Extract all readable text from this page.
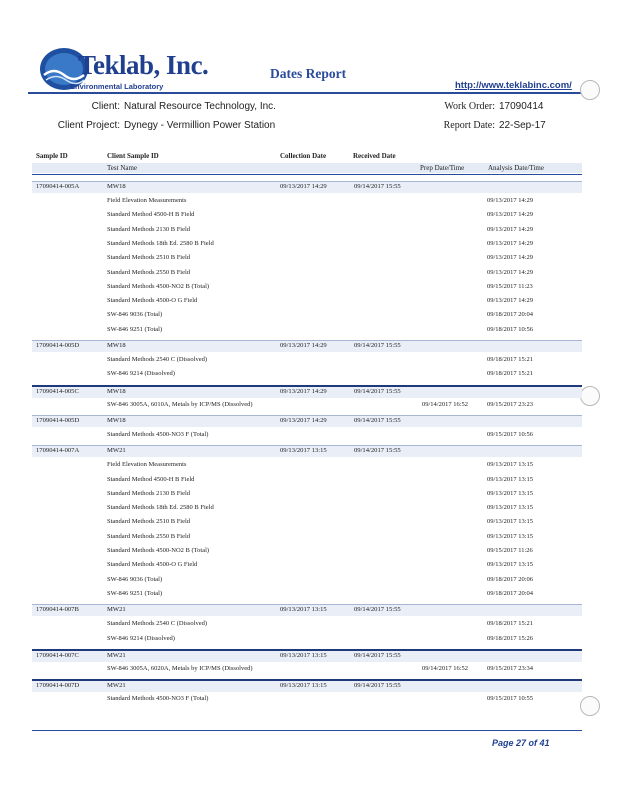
Teklab, Inc.
Environmental Laboratory
Dates Report
http://www.teklabinc.com/
Client: Natural Resource Technology, Inc.
Client Project: Dynegy - Vermillion Power Station
Work Order: 17090414
Report Date: 22-Sep-17
Sample ID	Client Sample ID	Collection Date	Received Date
Test Name	Prep Date/Time	Analysis Date/Time
17090414-005A	MW18	09/13/2017 14:29	09/14/2017 15:55
Field Elevation Measurements	09/13/2017 14:29
Standard Method 4500-H B Field	09/13/2017 14:29
Standard Methods 2130 B Field	09/13/2017 14:29
Standard Methods 18th Ed. 2580 B Field	09/13/2017 14:29
Standard Methods 2510 B Field	09/13/2017 14:29
Standard Methods 2550 B Field	09/13/2017 14:29
Standard Methods 4500-NO2 B (Total)	09/15/2017 11:23
Standard Methods 4500-O G Field	09/13/2017 14:29
SW-846 9036 (Total)	09/18/2017 20:04
SW-846 9251 (Total)	09/18/2017 10:56
17090414-005D	MW18	09/13/2017 14:29	09/14/2017 15:55
Standard Methods 2540 C (Dissolved)	09/18/2017 15:21
SW-846 9214 (Dissolved)	09/18/2017 15:21
17090414-005C	MW18	09/13/2017 14:29	09/14/2017 15:55
SW-846 3005A, 6010A, Metals by ICP/MS (Dissolved)	09/14/2017 16:52	09/15/2017 23:23
17090414-005D	MW18	09/13/2017 14:29	09/14/2017 15:55
Standard Methods 4500-NO3 F (Total)	09/15/2017 10:56
17090414-007A	MW21	09/13/2017 13:15	09/14/2017 15:55
Field Elevation Measurements	09/13/2017 13:15
Standard Method 4500-H B Field	09/13/2017 13:15
Standard Methods 2130 B Field	09/13/2017 13:15
Standard Methods 18th Ed. 2580 B Field	09/13/2017 13:15
Standard Methods 2510 B Field	09/13/2017 13:15
Standard Methods 2550 B Field	09/13/2017 13:15
Standard Methods 4500-NO2 B (Total)	09/15/2017 11:26
Standard Methods 4500-O G Field	09/13/2017 13:15
SW-846 9036 (Total)	09/18/2017 20:06
SW-846 9251 (Total)	09/18/2017 20:04
17090414-007B	MW21	09/13/2017 13:15	09/14/2017 15:55
Standard Methods 2540 C (Dissolved)	09/18/2017 15:21
SW-846 9214 (Dissolved)	09/18/2017 15:26
17090414-007C	MW21	09/13/2017 13:15	09/14/2017 15:55
SW-846 3005A, 6020A, Metals by ICP/MS (Dissolved)	09/14/2017 16:52	09/15/2017 23:34
17090414-007D	MW21	09/13/2017 13:15	09/14/2017 15:55
Standard Methods 4500-NO3 F (Total)	09/15/2017 10:55
Page 27 of 41
